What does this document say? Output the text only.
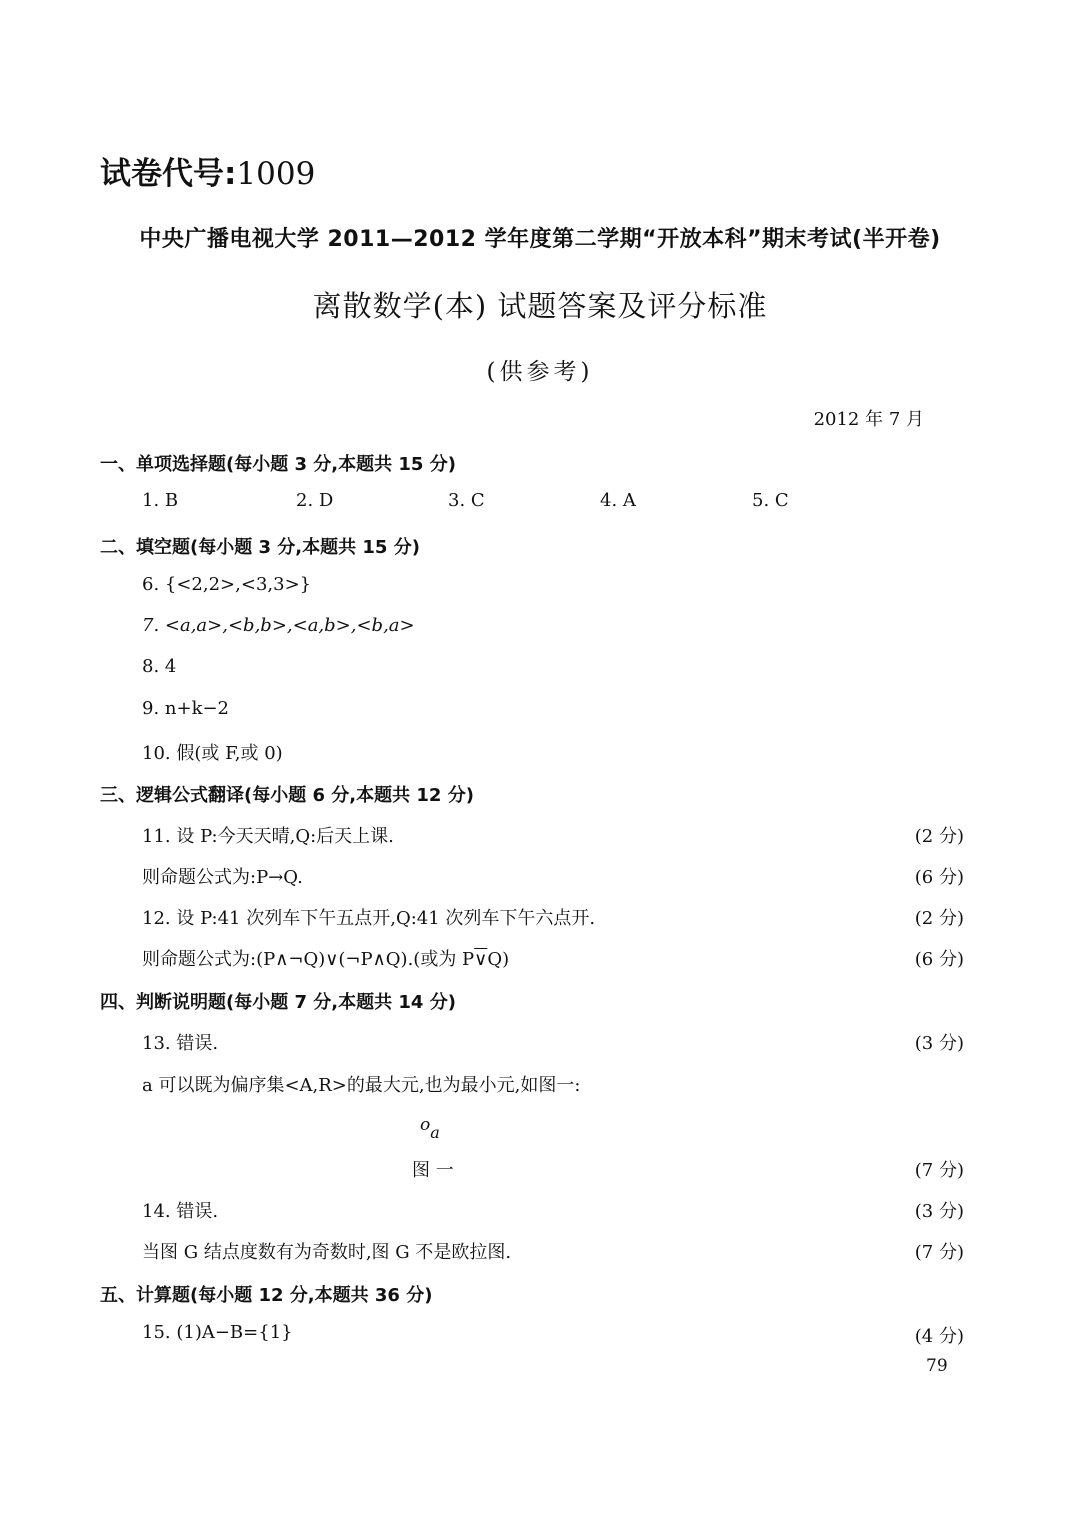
试卷代号:1009
中央广播电视大学 2011—2012 学年度第二学期“开放本科”期末考试(半开卷)
离散数学(本) 试题答案及评分标准
(供参考)
2012 年 7 月
一、单项选择题(每小题 3 分,本题共 15 分)
1. B	2. D	3. C	4. A	5. C
二、填空题(每小题 3 分,本题共 15 分)
6. {<2,2>,<3,3>}
7. <a,a>,<b,b>,<a,b>,<b,a>
8. 4
9. n+k−2
10. 假(或 F,或 0)
三、逻辑公式翻译(每小题 6 分,本题共 12 分)
11. 设 P:今天天晴,Q:后天上课.	(2 分)
则命题公式为:P→Q.	(6 分)
12. 设 P:41 次列车下午五点开,Q:41 次列车下午六点开.	(2 分)
则命题公式为:(P∧¬Q)∨(¬P∧Q).(或为 P∨Q)	(6 分)
四、判断说明题(每小题 7 分,本题共 14 分)
13. 错误.	(3 分)
a 可以既为偏序集<A,R>的最大元,也为最小元,如图一:
oa
图 一	(7 分)
14. 错误.	(3 分)
当图 G 结点度数有为奇数时,图 G 不是欧拉图.	(7 分)
五、计算题(每小题 12 分,本题共 36 分)
15. (1)A−B={1}	(4 分)
79
